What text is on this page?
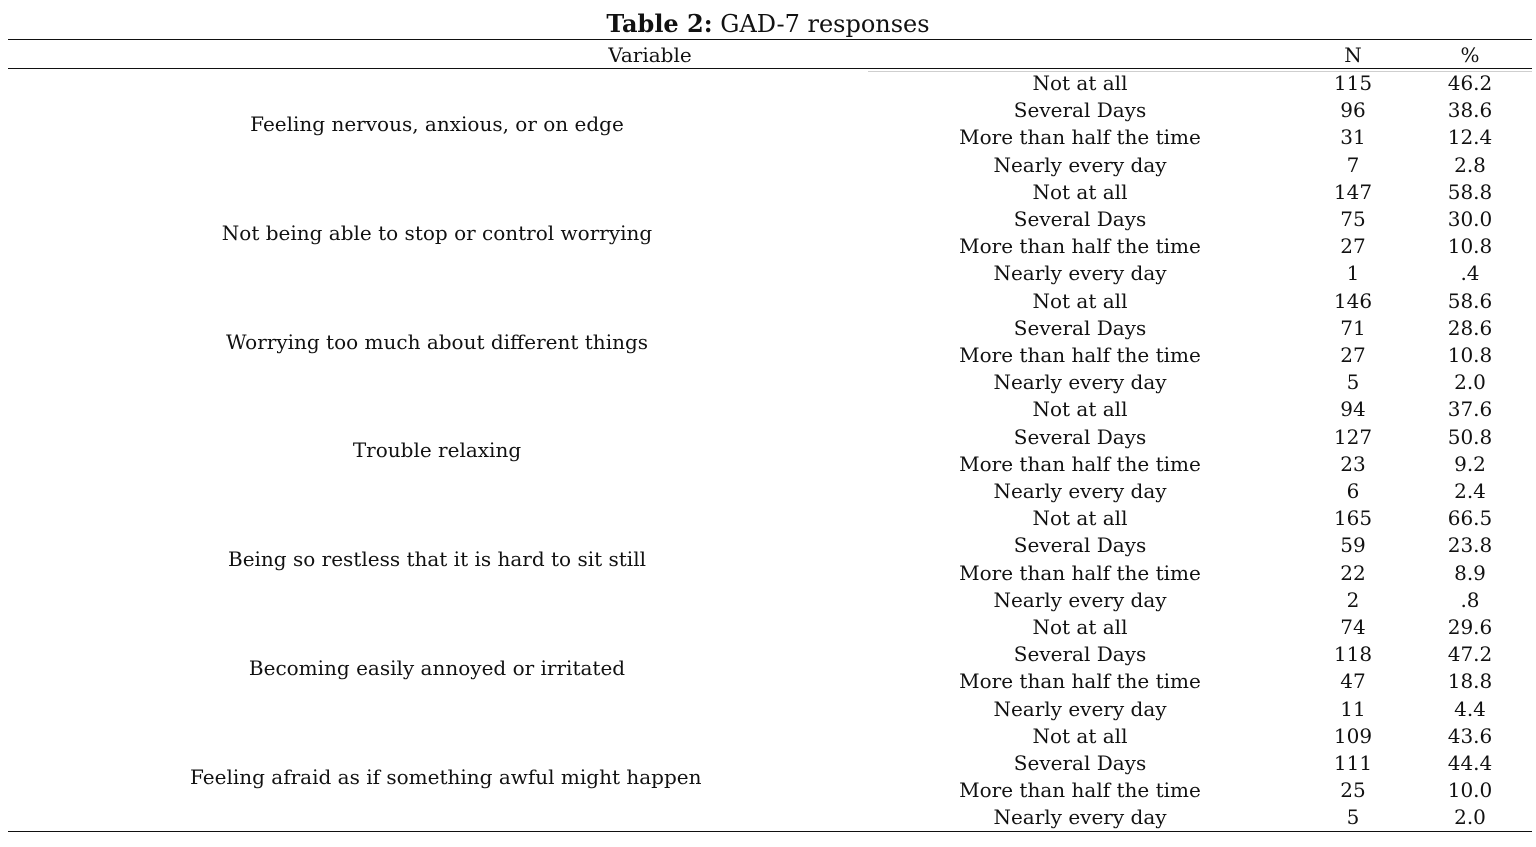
Table 2: GAD-7 responses
Variable	N	%
Feeling nervous, anxious, or on edge
Not at all	115	46.2
Several Days	96	38.6
More than half the time	31	12.4
Nearly every day	7	2.8
Not being able to stop or control worrying
Not at all	147	58.8
Several Days	75	30.0
More than half the time	27	10.8
Nearly every day	1	.4
Worrying too much about different things
Not at all	146	58.6
Several Days	71	28.6
More than half the time	27	10.8
Nearly every day	5	2.0
Trouble relaxing
Not at all	94	37.6
Several Days	127	50.8
More than half the time	23	9.2
Nearly every day	6	2.4
Being so restless that it is hard to sit still
Not at all	165	66.5
Several Days	59	23.8
More than half the time	22	8.9
Nearly every day	2	.8
Becoming easily annoyed or irritated
Not at all	74	29.6
Several Days	118	47.2
More than half the time	47	18.8
Nearly every day	11	4.4
Feeling afraid as if something awful might happen
Not at all	109	43.6
Several Days	111	44.4
More than half the time	25	10.0
Nearly every day	5	2.0
